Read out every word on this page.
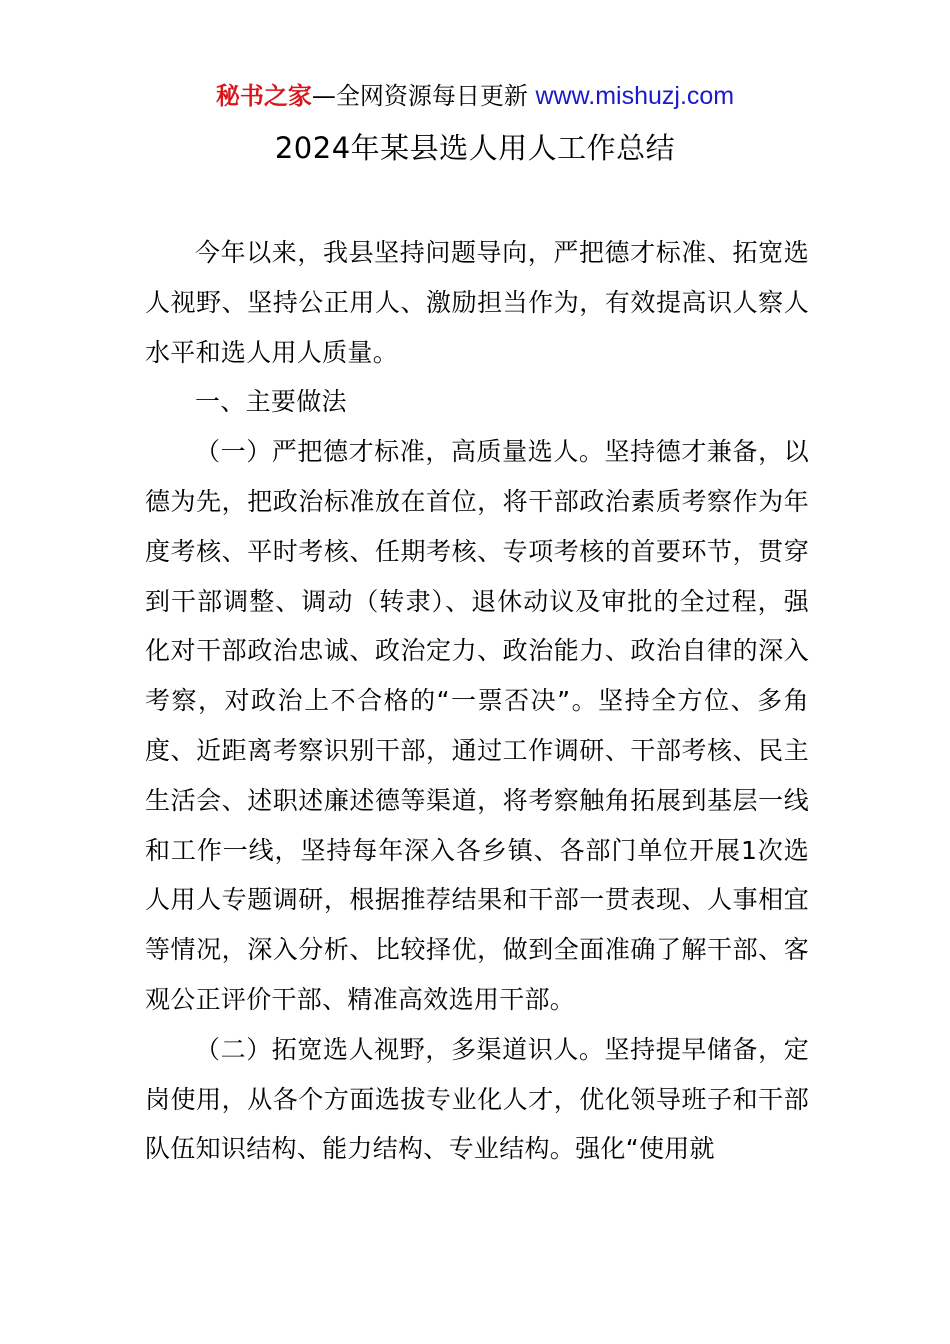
秘书之家—全网资源每日更新 www.mishuzj.com
2024年某县选人用人工作总结

今年以来，我县坚持问题导向，严把德才标准、拓宽选人视野、坚持公正用人、激励担当作为，有效提高识人察人水平和选人用人质量。

一、主要做法

（一）严把德才标准，高质量选人。坚持德才兼备，以德为先，把政治标准放在首位，将干部政治素质考察作为年度考核、平时考核、任期考核、专项考核的首要环节，贯穿到干部调整、调动（转隶）、退休动议及审批的全过程，强化对干部政治忠诚、政治定力、政治能力、政治自律的深入考察，对政治上不合格的“一票否决”。坚持全方位、多角度、近距离考察识别干部，通过工作调研、干部考核、民主生活会、述职述廉述德等渠道，将考察触角拓展到基层一线和工作一线，坚持每年深入各乡镇、各部门单位开展1次选人用人专题调研，根据推荐结果和干部一贯表现、人事相宜等情况，深入分析、比较择优，做到全面准确了解干部、客观公正评价干部、精准高效选用干部。

（二）拓宽选人视野，多渠道识人。坚持提早储备，定岗使用，从各个方面选拔专业化人才，优化领导班子和干部队伍知识结构、能力结构、专业结构。强化“使用就
